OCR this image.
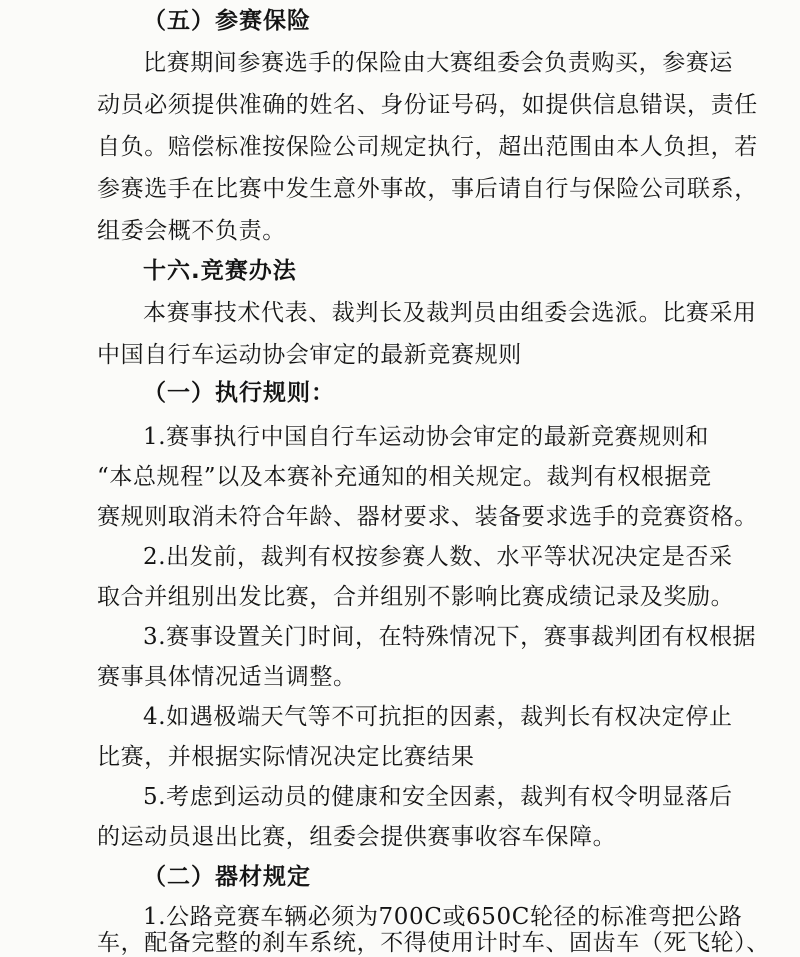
（五）参赛保险
比赛期间参赛选手的保险由大赛组委会负责购买，参赛运
动员必须提供准确的姓名、身份证号码，如提供信息错误，责任
自负。赔偿标准按保险公司规定执行，超出范围由本人负担，若
参赛选手在比赛中发生意外事故，事后请自行与保险公司联系，
组委会概不负责。
十六.竞赛办法
本赛事技术代表、裁判长及裁判员由组委会选派。比赛采用
中国自行车运动协会审定的最新竞赛规则
（一）执行规则：
1.赛事执行中国自行车运动协会审定的最新竞赛规则和
“本总规程”以及本赛补充通知的相关规定。裁判有权根据竞
赛规则取消未符合年龄、器材要求、装备要求选手的竞赛资格。
2.出发前，裁判有权按参赛人数、水平等状况决定是否采
取合并组别出发比赛，合并组别不影响比赛成绩记录及奖励。
3.赛事设置关门时间，在特殊情况下，赛事裁判团有权根据
赛事具体情况适当调整。
4.如遇极端天气等不可抗拒的因素，裁判长有权决定停止
比赛，并根据实际情况决定比赛结果
5.考虑到运动员的健康和安全因素，裁判有权令明显落后
的运动员退出比赛，组委会提供赛事收容车保障。
（二）器材规定
1.公路竞赛车辆必须为700C或650C轮径的标准弯把公路
车，配备完整的刹车系统，不得使用计时车、固齿车（死飞轮）、
